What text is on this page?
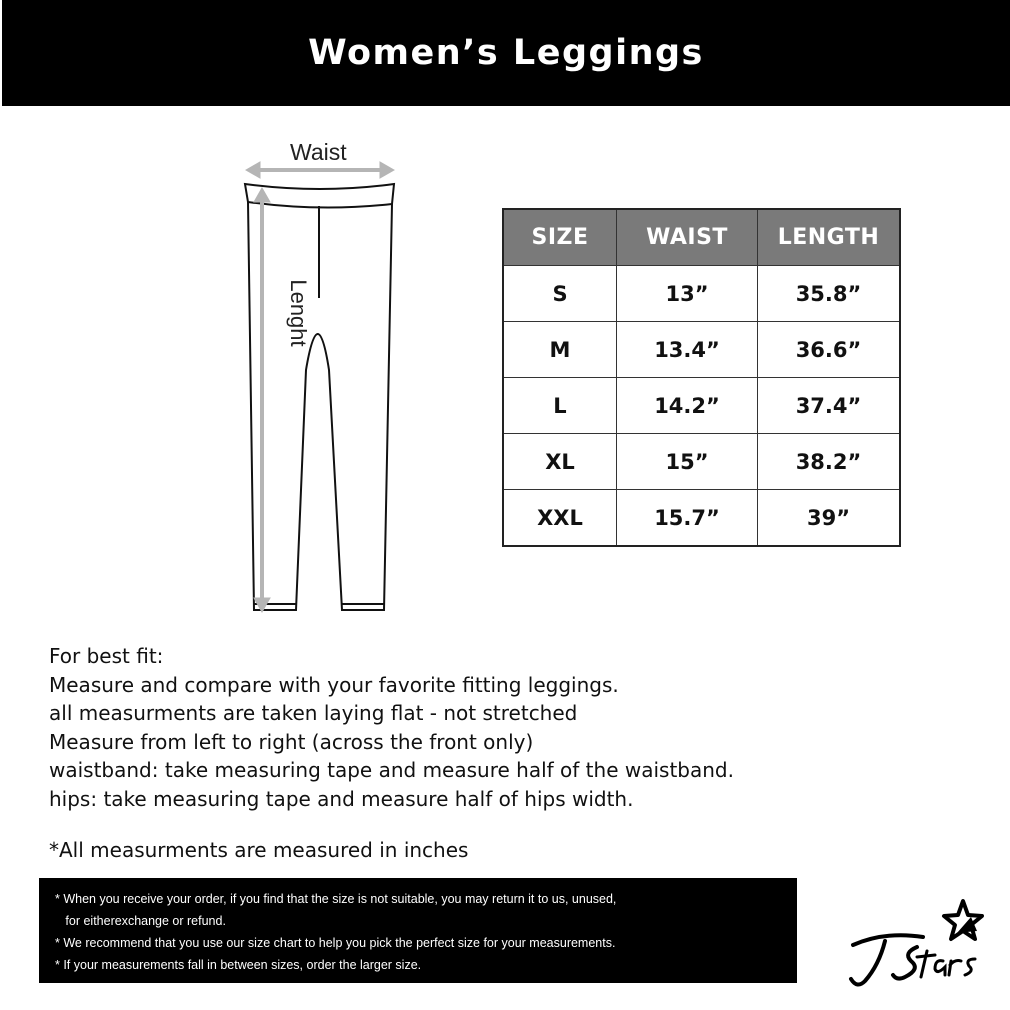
Women’s Leggings
Waist
Lenght
SIZE	WAIST	LENGTH
S	13”	35.8”
M	13.4”	36.6”
L	14.2”	37.4”
XL	15”	38.2”
XXL	15.7”	39”
For best fit:
Measure and compare with your favorite fitting leggings.
all measurments are taken laying flat - not stretched
Measure from left to right (across the front only)
waistband: take measuring tape and measure half of the waistband.
hips: take measuring tape and measure half of hips width.
*All measurments are measured in inches
* When you receive your order, if you find that the size is not suitable, you may return it to us, unused,
for eitherexchange or refund.
* We recommend that you use our size chart to help you pick the perfect size for your measurements.
* If your measurements fall in between sizes, order the larger size.
